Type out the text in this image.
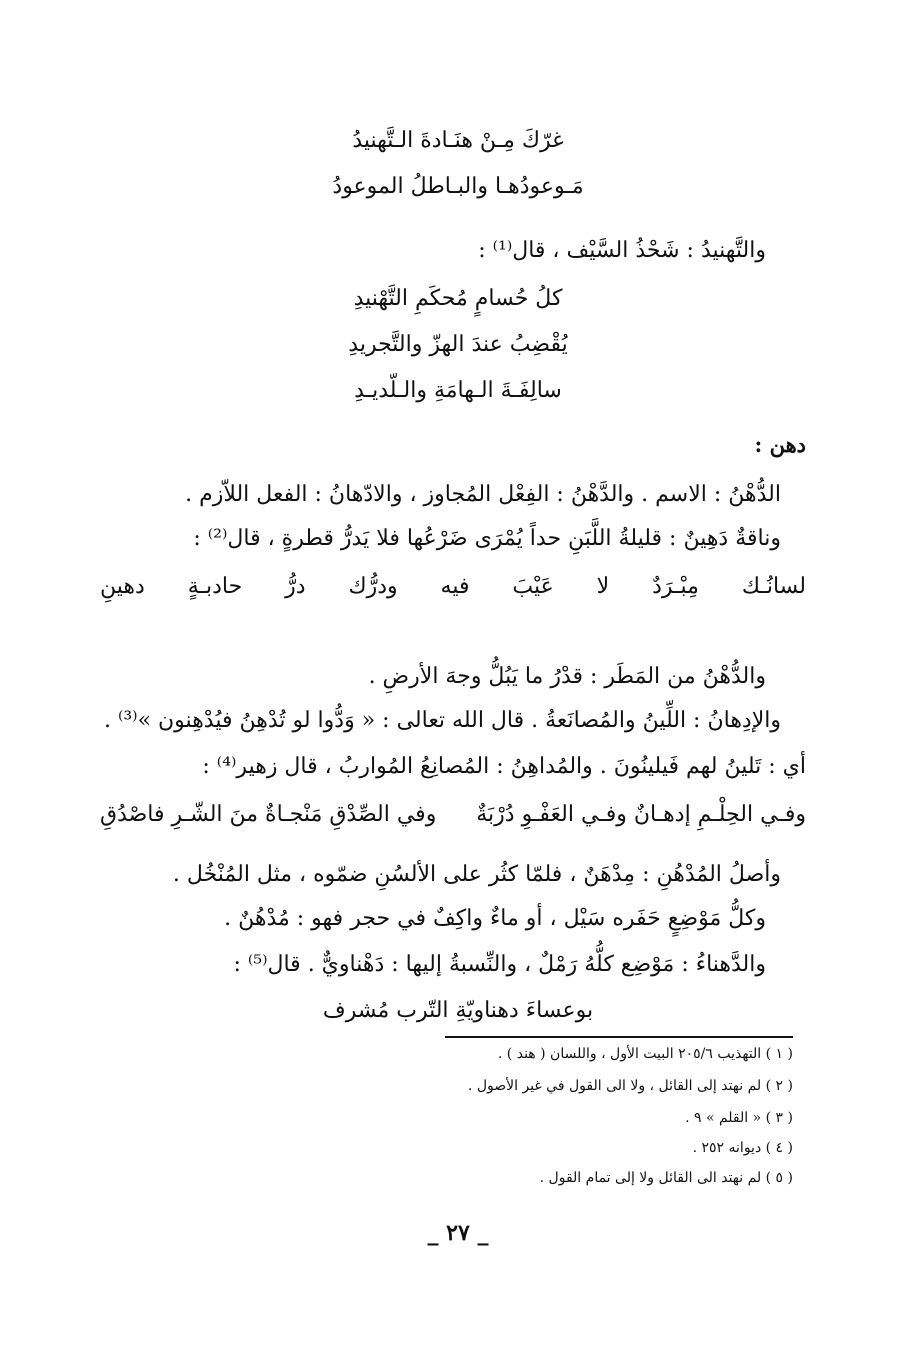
غرّكَ مِـنْ هنَـادةَ الـتَّهنيدُ
مَـوعودُهـا والبـاطلُ الموعودُ
والتَّهنيدُ : شَحْذُ السَّيْف ، قال⁽¹⁾ :
كلُ حُسامٍ مُحكَمِ التَّهْنيدِ
يُقْضِبُ عندَ الهزّ والتَّجريدِ
سالِفَـةَ الـهامَةِ والـلّديـدِ
دهن :
الدُّهْنُ : الاسم . والدَّهْنُ : الفِعْل المُجاوز ، والادّهانُ : الفعل اللاّزم .
وناقةٌ دَهِينٌ : قليلةُ اللَّبَنِ حداً يُمْرَى ضَرْعُها فلا يَدرُّ قطرةٍ ، قال⁽²⁾ :
لسانُـك
مِبْـرَدٌ
لا
عَيْبَ
فيه
ودرُّك
درُّ
حادبـةٍ
دهينِ
والدُّهْنُ من المَطَر : قدْرُ ما يَبُلُّ وجهَ الأرضِ .
والإدِهانُ : اللِّينُ والمُصانَعةُ . قال الله تعالى : « وَدُّوا لو تُدْهِنُ فيُدْهِنون »⁽³⁾ .
أي : تَلينُ لهم فَيلينُونَ . والمُداهِنُ : المُصانِعُ المُواربُ ، قال زهير⁽⁴⁾ :
وفـي الحِلْـمِ إدهـانٌ وفـي العَفْـوِ دُرْبَةٌ
وفي الصِّدْقِ مَنْجـاةٌ منَ الشّـرِ فاصْدُقِ
وأصلُ المُدْهُنِ : مِدْهَنٌ ، فلمّا كثُر على الألسُنِ ضمّوه ، مثل المُنْخُل .
وكلُّ مَوْضِعٍ حَفَره سَيْل ، أو ماءٌ واكِفٌ في حجر فهو : مُدْهُنٌ .
والدَّهناءُ : مَوْضِع كلُّهُ رَمْلٌ ، والنِّسبةُ إليها : دَهْناويٌّ . قال⁽⁵⁾ :
بوعساءَ دهناويّةِ التّرب مُشرف
( ١ ) التهذيب ٢٠٥/٦ البيت الأول ، واللسان ( هند ) .
( ٢ ) لم نهتد إلى القائل ، ولا الى القول في غير الأصول .
( ٣ ) « القلم » ٩ .
( ٤ ) ديوانه ٢٥٢ .
( ٥ ) لم نهتد الى القائل ولا إلى تمام القول .
_ ٢٧ _
